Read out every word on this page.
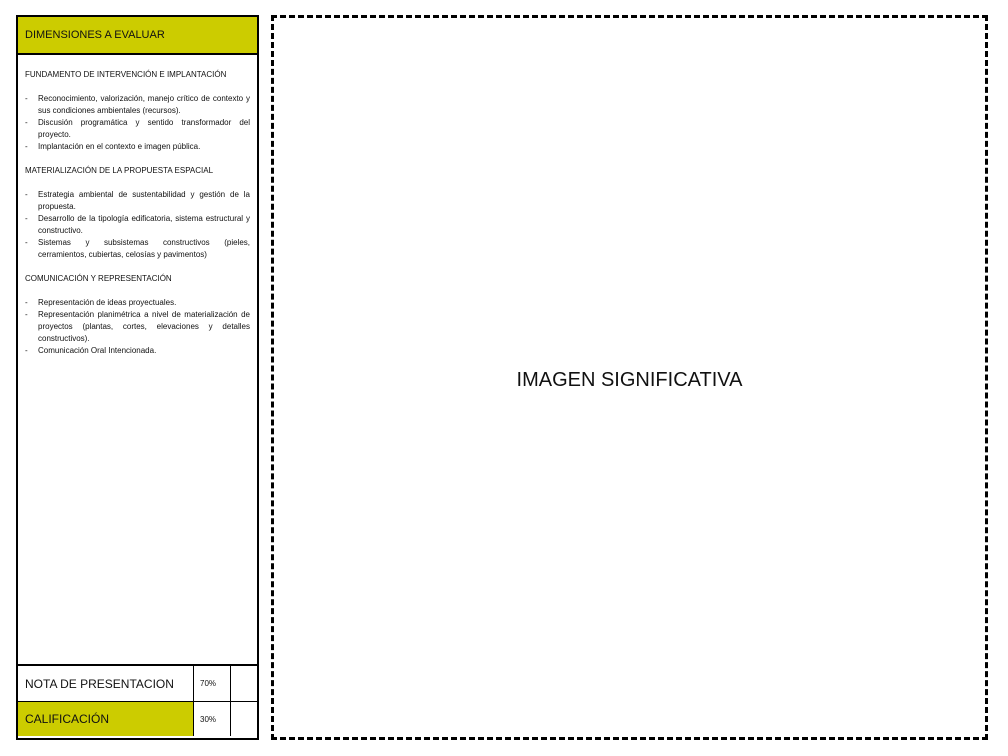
DIMENSIONES A EVALUAR

FUNDAMENTO DE INTERVENCIÓN E IMPLANTACIÓN

- Reconocimiento, valorización, manejo crítico de contexto y sus condiciones ambientales (recursos).
- Discusión programática y sentido transformador del proyecto.
- Implantación en el contexto e imagen pública.

MATERIALIZACIÓN DE LA PROPUESTA ESPACIAL

- Estrategia ambiental de sustentabilidad y gestión de la propuesta.
- Desarrollo de la tipología edificatoria, sistema estructural y constructivo.
- Sistemas y subsistemas constructivos (pieles, cerramientos, cubiertas, celosías y pavimentos)

COMUNICACIÓN Y REPRESENTACIÓN

- Representación de ideas proyectuales.
- Representación planimétrica a nivel de materialización de proyectos (plantas, cortes, elevaciones y detalles constructivos).
- Comunicación Oral Intencionada.
NOTA DE PRESENTACION	70%
CALIFICACIÓN	30%
IMAGEN SIGNIFICATIVA
